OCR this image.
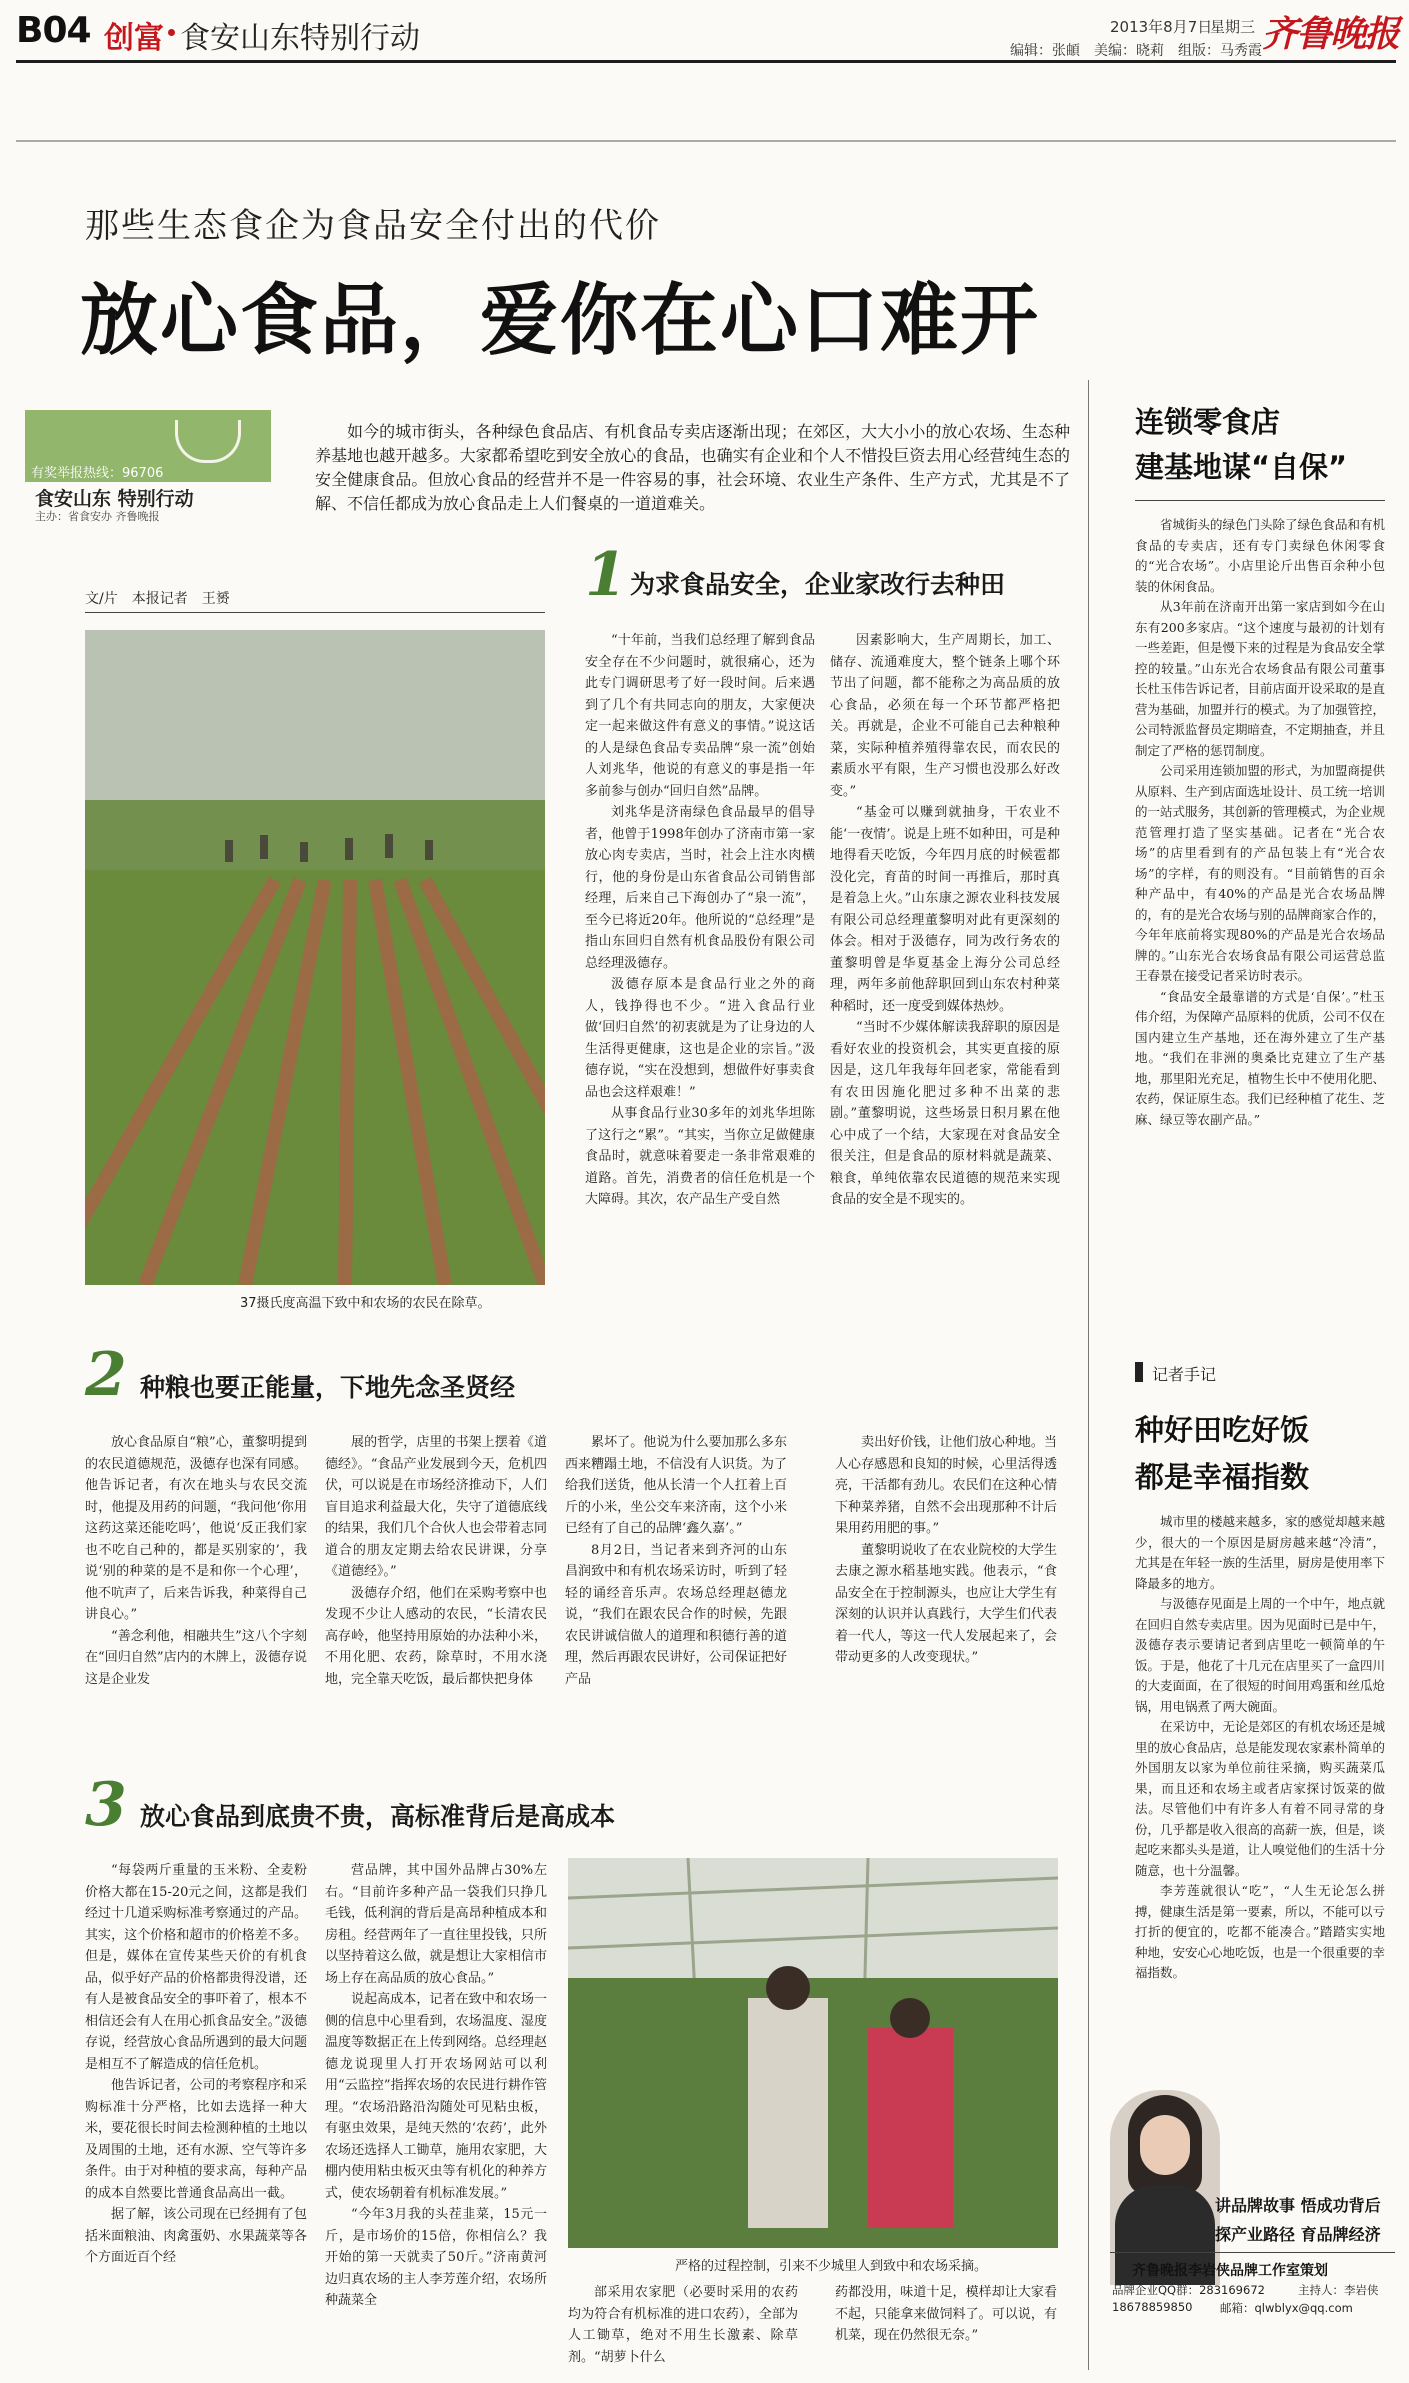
B04 创富 食安山东特别行动	2013年8月7日
星期三 齐鲁晚报
编辑：张頔　美编：晓莉　组版：马秀霞
那些生态食企为食品安全付出的代价
放心食品，爱你在心口难开
有奖举报热线：96706
食安山东 特别行动
主办：省食安办 齐鲁晚报

如今的城市街头，各种绿色食品店、有机食品专卖店逐渐出现；在郊区，大大小小的放心农场、生态种养基地也越开越多。大家都希望吃到安全放心的食品，也确实有企业和个人不惜投巨资去用心经营纯生态的安全健康食品。但放心食品的经营并不是一件容易的事，社会环境、农业生产条件、生产方式，尤其是不了解、不信任都成为放心食品走上人们餐桌的一道道难关。

文/片　本报记者　王赟	1 为求食品安全，企业家改行去种田
37摄氏度高温下致中和农场的农民在除草。

“十年前，当我们总经理了解到食品安全存在不少问题时，就很痛心，还为此专门调研思考了好一段时间。后来遇到了几个有共同志向的朋友，大家便决定一起来做这件有意义的事情。”说这话的人是绿色食品专卖品牌“泉一流”创始人刘兆华，他说的有意义的事是指一年多前参与创办“回归自然”品牌。

刘兆华是济南绿色食品最早的倡导者，他曾于1998年创办了济南市第一家放心肉专卖店，当时，社会上注水肉横行，他的身份是山东省食品公司销售部经理，后来自己下海创办了“泉一流”，至今已将近20年。他所说的“总经理”是指山东回归自然有机食品股份有限公司总经理汲德存。

汲德存原本是食品行业之外的商人，钱挣得也不少。“进入食品行业做‘回归自然’的初衷就是为了让身边的人生活得更健康，这也是企业的宗旨。”汲德存说，“实在没想到，想做件好事卖食品也会这样艰难！”

从事食品行业30多年的刘兆华坦陈了这行之“累”。“其实，当你立足做健康食品时，就意味着要走一条非常艰难的道路。首先，消费者的信任危机是一个大障碍。其次，农产品生产受自然

因素影响大，生产周期长，加工、储存、流通难度大，整个链条上哪个环节出了问题，都不能称之为高品质的放心食品，必须在每一个环节都严格把关。再就是，企业不可能自己去种粮种菜，实际种植养殖得靠农民，而农民的素质水平有限，生产习惯也没那么好改变。”

“基金可以赚到就抽身，干农业不能‘一夜情’。说是上班不如种田，可是种地得看天吃饭，今年四月底的时候雹都没化完，育苗的时间一再推后，那时真是着急上火。”山东康之源农业科技发展有限公司总经理董黎明对此有更深刻的体会。相对于汲德存，同为改行务农的董黎明曾是华夏基金上海分公司总经理，两年多前他辞职回到山东农村种菜种稻时，还一度受到媒体热炒。

“当时不少媒体解读我辞职的原因是看好农业的投资机会，其实更直接的原因是，这几年我每年回老家，常能看到有农田因施化肥过多种不出菜的悲剧。”董黎明说，这些场景日积月累在他心中成了一个结，大家现在对食品安全很关注，但是食品的原材料就是蔬菜、粮食，单纯依靠农民道德的规范来实现食品的安全是不现实的。

2 种粮也要正能量，下地先念圣贤经

放心食品原自“粮”心，董黎明提到的农民道德规范，汲德存也深有同感。他告诉记者，有次在地头与农民交流时，他提及用药的问题，“我问他‘你用这药这菜还能吃吗’，他说‘反正我们家也不吃自己种的，都是买别家的’，我说‘别的种菜的是不是和你一个心理’，他不吭声了，后来告诉我，种菜得自己讲良心。”

“善念利他，相融共生”这八个字刻在“回归自然”店内的木牌上，汲德存说这是企业发

展的哲学，店里的书架上摆着《道德经》。“食品产业发展到今天，危机四伏，可以说是在市场经济推动下，人们盲目追求利益最大化，失守了道德底线的结果，我们几个合伙人也会带着志同道合的朋友定期去给农民讲课，分享《道德经》。”

汲德存介绍，他们在采购考察中也发现不少让人感动的农民，“长清农民高存岭，他坚持用原始的办法种小米，不用化肥、农药，除草时，不用水浇地，完全靠天吃饭，最后都快把身体

累坏了。他说为什么要加那么多东西来糟蹋土地，不信没有人识货。为了给我们送货，他从长清一个人扛着上百斤的小米，坐公交车来济南，这个小米已经有了自己的品牌‘鑫久嘉’。”

8月2日，当记者来到齐河的山东昌润致中和有机农场采访时，听到了轻轻的诵经音乐声。农场总经理赵德龙说，“我们在跟农民合作的时候，先跟农民讲诚信做人的道理和积德行善的道理，然后再跟农民讲好，公司保证把好产品

卖出好价钱，让他们放心种地。当人心存感恩和良知的时候，心里活得透亮，干活都有劲儿。农民们在这种心情下种菜养猪，自然不会出现那种不计后果用药用肥的事。”

董黎明说收了在农业院校的大学生去康之源水稻基地实践。他表示，“食品安全在于控制源头，也应让大学生有深刻的认识并认真践行，大学生们代表着一代人，等这一代人发展起来了，会带动更多的人改变现状。”

3 放心食品到底贵不贵，高标准背后是高成本

“每袋两斤重量的玉米粉、全麦粉价格大都在15-20元之间，这都是我们经过十几道采购标准考察通过的产品。其实，这个价格和超市的价格差不多。但是，媒体在宣传某些天价的有机食品，似乎好产品的价格都贵得没谱，还有人是被食品安全的事吓着了，根本不相信还会有人在用心抓食品安全。”汲德存说，经营放心食品所遇到的最大问题是相互不了解造成的信任危机。

他告诉记者，公司的考察程序和采购标准十分严格，比如去选择一种大米，要花很长时间去检测种植的土地以及周围的土地，还有水源、空气等许多条件。由于对种植的要求高，每种产品的成本自然要比普通食品高出一截。

据了解，该公司现在已经拥有了包括米面粮油、肉禽蛋奶、水果蔬菜等各个方面近百个经

营品牌，其中国外品牌占30%左右。“目前许多种产品一袋我们只挣几毛钱，低利润的背后是高昂种植成本和房租。经营两年了一直往里投钱，只所以坚持着这么做，就是想让大家相信市场上存在高品质的放心食品。”

说起高成本，记者在致中和农场一侧的信息中心里看到，农场温度、湿度温度等数据正在上传到网络。总经理赵德龙说现里人打开农场网站可以利用“云监控”指挥农场的农民进行耕作管理。“农场沿路沿沟随处可见粘虫板，有驱虫效果，是纯天然的‘农药’，此外农场还选择人工锄草，施用农家肥，大棚内使用粘虫板灭虫等有机化的种养方式，使农场朝着有机标准发展。”

“今年3月我的头茬韭菜，15元一斤，是市场价的15倍，你相信么？我开始的第一天就卖了50斤。”济南黄河边归真农场的主人李芳莲介绍，农场所种蔬菜全

严格的过程控制，引来不少城里人到致中和农场采摘。

部采用农家肥（必要时采用的农药均为符合有机标准的进口农药），全部为人工锄草，绝对不用生长激素、除草剂。“胡萝卜什么

药都没用，味道十足，模样却让大家看不起，只能拿来做饲料了。可以说，有机菜，现在仍然很无奈。”

连锁零食店
建基地谋“自保”

省城街头的绿色门头除了绿色食品和有机食品的专卖店，还有专门卖绿色休闲零食的“光合农场”。小店里论斤出售百余种小包装的休闲食品。

从3年前在济南开出第一家店到如今在山东有200多家店。“这个速度与最初的计划有一些差距，但是慢下来的过程是为食品安全掌控的较量。”山东光合农场食品有限公司董事长杜玉伟告诉记者，目前店面开设采取的是直营为基础，加盟并行的模式。为了加强管控，公司特派监督员定期暗查，不定期抽查，并且制定了严格的惩罚制度。

公司采用连锁加盟的形式，为加盟商提供从原料、生产到店面选址设计、员工统一培训的一站式服务，其创新的管理模式，为企业规范管理打造了坚实基础。记者在“光合农场”的店里看到有的产品包装上有“光合农场”的字样，有的则没有。“目前销售的百余种产品中，有40%的产品是光合农场品牌的，有的是光合农场与别的品牌商家合作的，今年年底前将实现80%的产品是光合农场品牌的。”山东光合农场食品有限公司运营总监王春景在接受记者采访时表示。

“食品安全最靠谱的方式是‘自保’。”杜玉伟介绍，为保障产品原料的优质，公司不仅在国内建立生产基地，还在海外建立了生产基地。“我们在非洲的奥桑比克建立了生产基地，那里阳光充足，植物生长中不使用化肥、农药，保证原生态。我们已经种植了花生、芝麻、绿豆等农副产品。”

记者手记
种好田吃好饭
都是幸福指数

城市里的楼越来越多，家的感觉却越来越少，很大的一个原因是厨房越来越“冷清”，尤其是在年轻一族的生活里，厨房是使用率下降最多的地方。

与汲德存见面是上周的一个中午，地点就在回归自然专卖店里。因为见面时已是中午，汲德存表示要请记者到店里吃一顿简单的午饭。于是，他花了十几元在店里买了一盒四川的大麦面面，在了很短的时间用鸡蛋和丝瓜炝锅，用电锅煮了两大碗面。

在采访中，无论是郊区的有机农场还是城里的放心食品店，总是能发现农家素朴简单的外国朋友以家为单位前往采摘，购买蔬菜瓜果，而且还和农场主或者店家探讨饭菜的做法。尽管他们中有许多人有着不同寻常的身份，几乎都是收入很高的高薪一族，但是，谈起吃来都头头是道，让人嗅觉他们的生活十分随意，也十分温馨。

李芳莲就很认“吃”，“人生无论怎么拼搏，健康生活是第一要素，所以，不能可以亏打折的便宜的，吃都不能凑合。”踏踏实实地种地，安安心心地吃饭，也是一个很重要的幸福指数。

讲品牌故事 悟成功背后
探产业路径 育品牌经济
齐鲁晚报李岩侠品牌工作室策划
品牌企业QQ群：283169672	主持人：李岩侠
18678859850 邮箱：qlwblyx@qq.com
